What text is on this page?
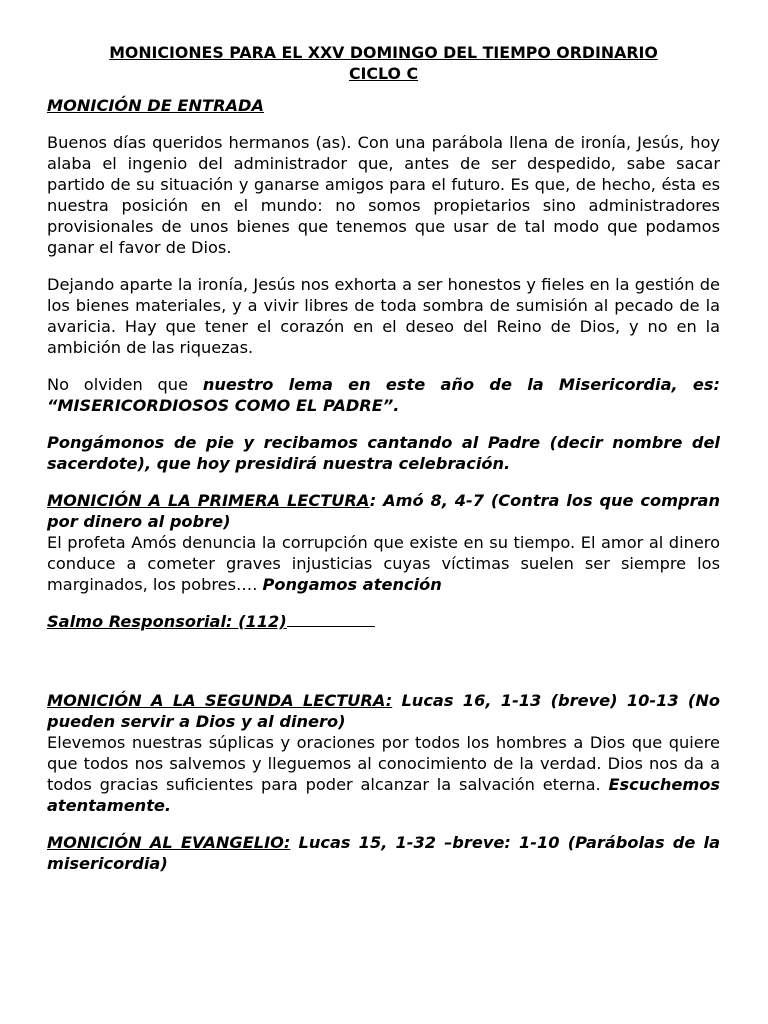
MONICIONES PARA EL XXV DOMINGO DEL TIEMPO ORDINARIO
CICLO C
MONICIÓN DE ENTRADA

Buenos días queridos hermanos (as). Con una parábola llena de ironía, Jesús, hoy alaba el ingenio del administrador que, antes de ser despedido, sabe sacar partido de su situación y ganarse amigos para el futuro. Es que, de hecho, ésta es nuestra posición en el mundo: no somos propietarios sino administradores provisionales de unos bienes que tenemos que usar de tal modo que podamos ganar el favor de Dios.

Dejando aparte la ironía, Jesús nos exhorta a ser honestos y fieles en la gestión de los bienes materiales, y a vivir libres de toda sombra de sumisión al pecado de la avaricia. Hay que tener el corazón en el deseo del Reino de Dios, y no en la ambición de las riquezas.

No olviden que nuestro lema en este año de la Misericordia, es: “MISERICORDIOSOS COMO EL PADRE”.

Pongámonos de pie y recibamos cantando al Padre (decir nombre del sacerdote), que hoy presidirá nuestra celebración.

MONICIÓN A LA PRIMERA LECTURA: Amó 8, 4-7 (Contra los que compran por dinero al pobre)

El profeta Amós denuncia la corrupción que existe en su tiempo. El amor al dinero conduce a cometer graves injusticias cuyas víctimas suelen ser siempre los marginados, los pobres…. Pongamos atención

Salmo Responsorial: (112)

MONICIÓN A LA SEGUNDA LECTURA: Lucas 16, 1-13 (breve) 10-13 (No pueden servir a Dios y al dinero)

Elevemos nuestras súplicas y oraciones por todos los hombres a Dios que quiere que todos nos salvemos y lleguemos al conocimiento de la verdad. Dios nos da a todos gracias suficientes para poder alcanzar la salvación eterna. Escuchemos atentamente.

MONICIÓN AL EVANGELIO: Lucas 15, 1-32 –breve: 1-10 (Parábolas de la misericordia)
